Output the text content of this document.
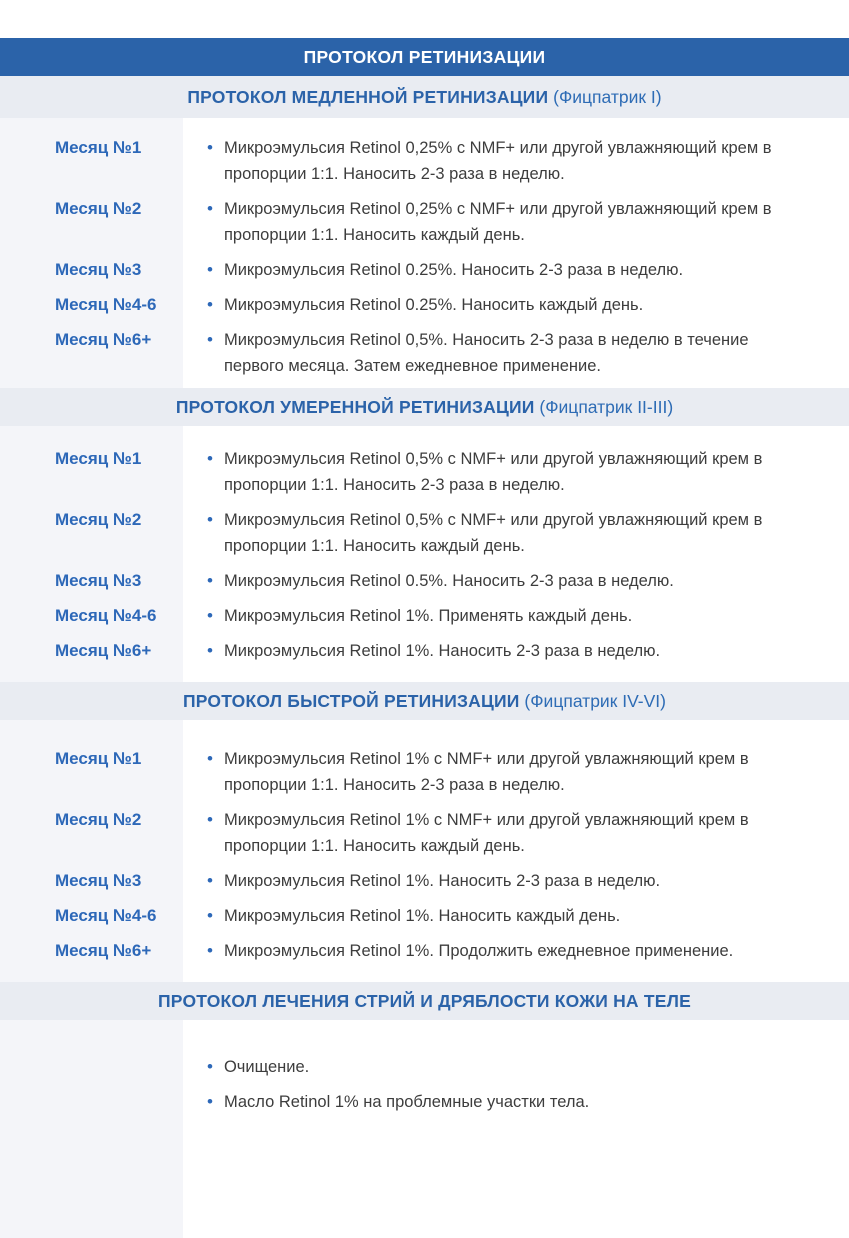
ПРОТОКОЛ РЕТИНИЗАЦИИ
ПРОТОКОЛ МЕДЛЕННОЙ РЕТИНИЗАЦИИ (Фицпатрик I)
Месяц №1	• Микроэмульсия Retinol 0,25% с NMF+ или другой увлажняющий крем в пропорции 1:1. Наносить 2-3 раза в неделю.
Месяц №2	• Микроэмульсия Retinol 0,25% с NMF+ или другой увлажняющий крем в пропорции 1:1. Наносить каждый день.
Месяц №3	• Микроэмульсия Retinol 0.25%. Наносить 2-3 раза в неделю.
Месяц №4-6	• Микроэмульсия Retinol 0.25%. Наносить каждый день.
Месяц №6+	• Микроэмульсия Retinol 0,5%. Наносить 2-3 раза в неделю в течение первого месяца. Затем ежедневное применение.
ПРОТОКОЛ УМЕРЕННОЙ РЕТИНИЗАЦИИ (Фицпатрик II-III)
Месяц №1	• Микроэмульсия Retinol 0,5% с NMF+ или другой увлажняющий крем в пропорции 1:1. Наносить 2-3 раза в неделю.
Месяц №2	• Микроэмульсия Retinol 0,5% с NMF+ или другой увлажняющий крем в пропорции 1:1. Наносить каждый день.
Месяц №3	• Микроэмульсия Retinol 0.5%. Наносить 2-3 раза в неделю.
Месяц №4-6	• Микроэмульсия Retinol 1%. Применять каждый день.
Месяц №6+	• Микроэмульсия Retinol 1%. Наносить 2-3 раза в неделю.
ПРОТОКОЛ БЫСТРОЙ РЕТИНИЗАЦИИ (Фицпатрик IV-VI)
Месяц №1	• Микроэмульсия Retinol 1% с NMF+ или другой увлажняющий крем в пропорции 1:1. Наносить 2-3 раза в неделю.
Месяц №2	• Микроэмульсия Retinol 1% с NMF+ или другой увлажняющий крем в пропорции 1:1. Наносить каждый день.
Месяц №3	• Микроэмульсия Retinol 1%. Наносить 2-3 раза в неделю.
Месяц №4-6	• Микроэмульсия Retinol 1%. Наносить каждый день.
Месяц №6+	• Микроэмульсия Retinol 1%. Продолжить ежедневное применение.
ПРОТОКОЛ ЛЕЧЕНИЯ СТРИЙ И ДРЯБЛОСТИ КОЖИ НА ТЕЛЕ
• Очищение.
• Масло Retinol 1% на проблемные участки тела.
